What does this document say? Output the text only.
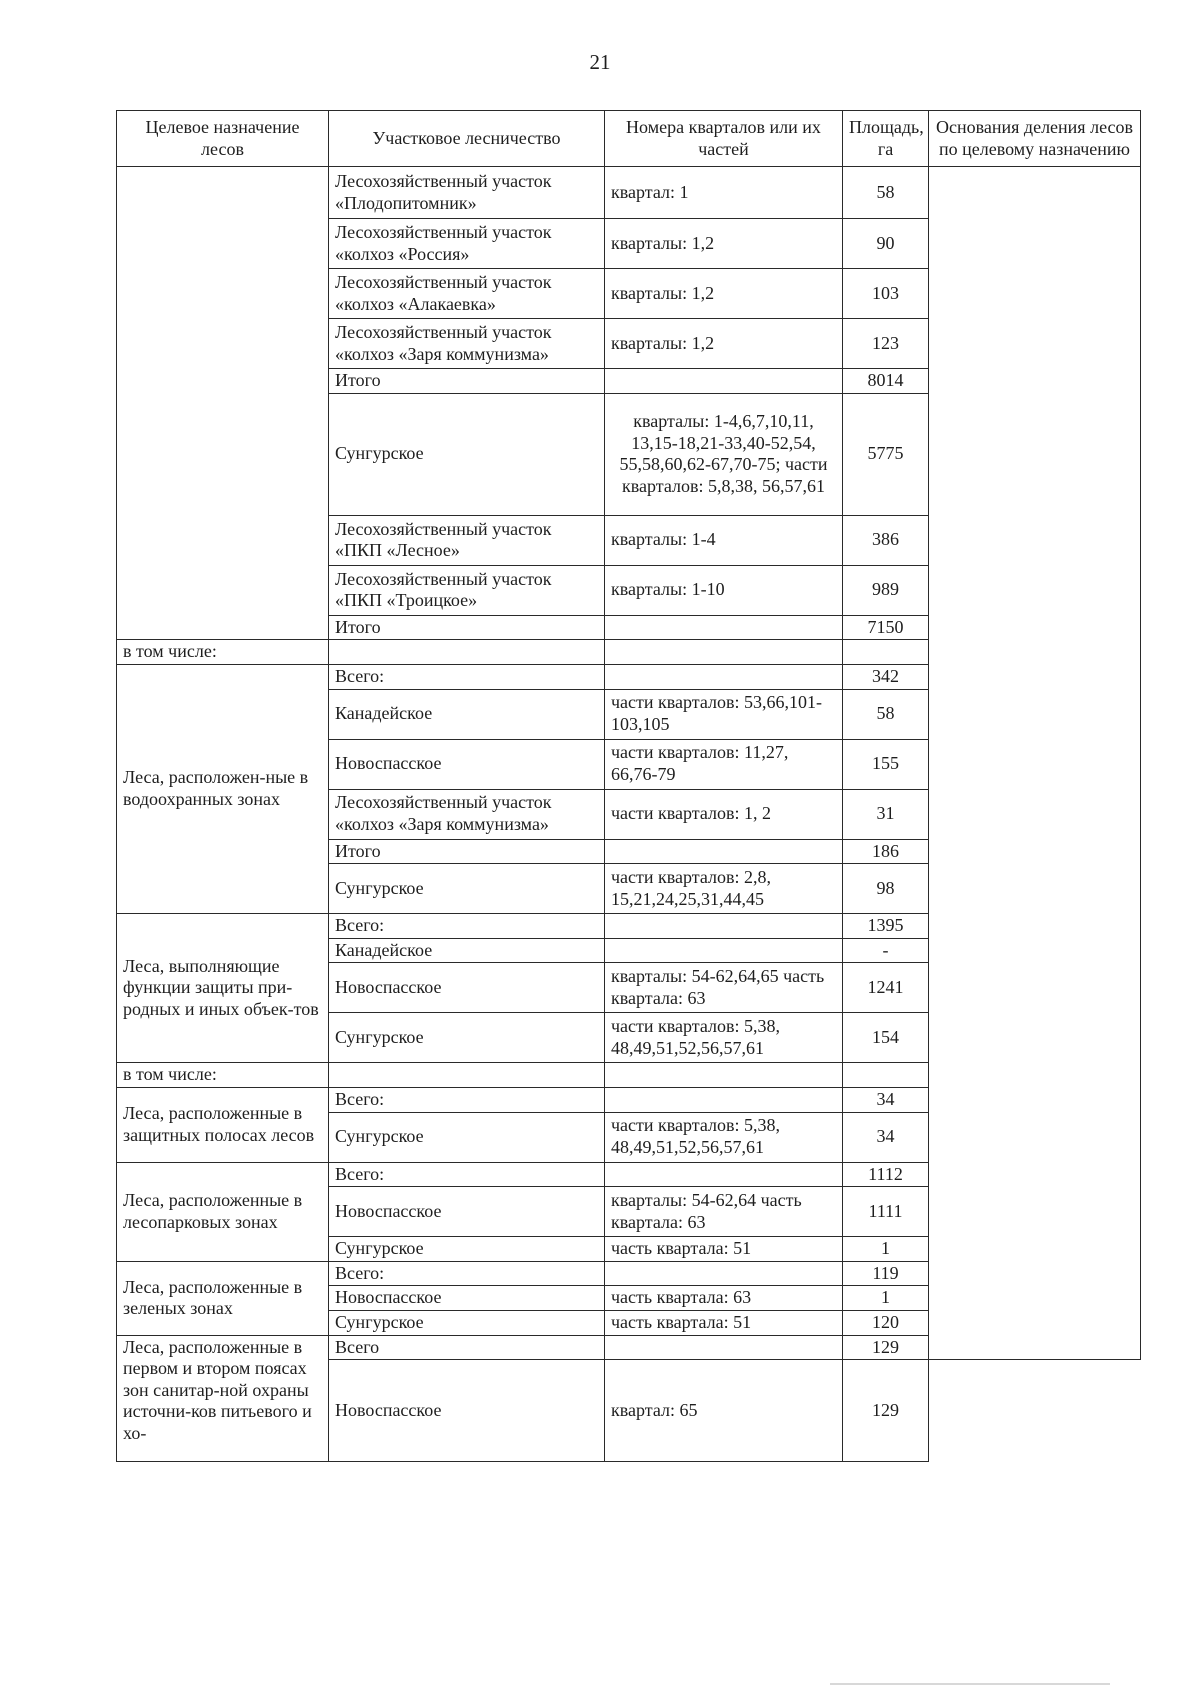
21
Целевое назначение лесов	Участковое лесничество	Номера кварталов или их частей	Площадь, га	Основания деления лесов по целевому назначению
	Лесохозяйственный участок «Плодопитомник»	квартал: 1	58	
	Лесохозяйственный участок «колхоз «Россия»	кварталы: 1,2	90	
	Лесохозяйственный участок «колхоз «Алакаевка»	кварталы: 1,2	103	
	Лесохозяйственный участок «колхоз «Заря коммунизма»	кварталы: 1,2	123	
	Итого		8014	
	Сунгурское	кварталы: 1-4,6,7,10,11, 13,15-18,21-33,40-52,54, 55,58,60,62-67,70-75; части кварталов: 5,8,38, 56,57,61	5775	
	Лесохозяйственный участок «ПКП «Лесное»	кварталы: 1-4	386	
	Лесохозяйственный участок «ПКП «Троицкое»	кварталы: 1-10	989	
	Итого		7150	
в том числе:				
Леса, расположен-ные в водоохранных зонах	Всего:		342	
	Канадейское	части кварталов: 53,66,101-103,105	58	
	Новоспасское	части кварталов: 11,27, 66,76-79	155	
	Лесохозяйственный участок «колхоз «Заря коммунизма»	части кварталов: 1, 2	31	
	Итого		186	
	Сунгурское	части кварталов: 2,8, 15,21,24,25,31,44,45	98	
Леса, выполняющие функции защиты при-родных и иных объек-тов	Всего:		1395	
	Канадейское		-	
	Новоспасское	кварталы: 54-62,64,65 часть квартала: 63	1241	
	Сунгурское	части кварталов: 5,38, 48,49,51,52,56,57,61	154	
в том числе:				
Леса, расположенные в защитных полосах лесов	Всего:		34	
	Сунгурское	части кварталов: 5,38, 48,49,51,52,56,57,61	34	
Леса, расположенные в лесопарковых зонах	Всего:		1112	
	Новоспасское	кварталы: 54-62,64 часть квартала: 63	1111	
	Сунгурское	часть квартала: 51	1	
Леса, расположенные в зеленых зонах	Всего:		119	
	Новоспасское	часть квартала: 63	1	
	Сунгурское	часть квартала: 51	120	
Леса, расположенные в первом и втором поясах зон санитар-ной охраны источни-ков питьевого и хо-	Всего		129	
	Новоспасское	квартал: 65	129	
